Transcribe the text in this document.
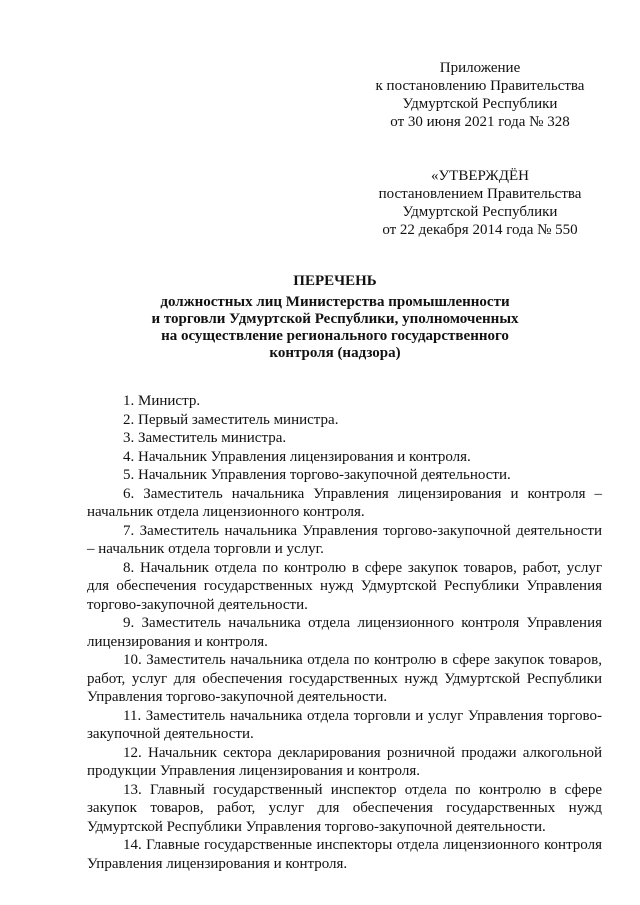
Приложение
к постановлению Правительства
Удмуртской Республики
от 30 июня 2021 года № 328
«УТВЕРЖДЁН
постановлением Правительства
Удмуртской Республики
от 22 декабря 2014 года № 550
ПЕРЕЧЕНЬ
должностных лиц Министерства промышленности
и торговли Удмуртской Республики, уполномоченных
на осуществление регионального государственного
контроля (надзора)

1. Министр.

2. Первый заместитель министра.

3. Заместитель министра.

4. Начальник Управления лицензирования и контроля.

5. Начальник Управления торгово-закупочной деятельности.

6. Заместитель начальника Управления лицензирования и контроля – начальник отдела лицензионного контроля.

7. Заместитель начальника Управления торгово-закупочной деятельности – начальник отдела торговли и услуг.

8. Начальник отдела по контролю в сфере закупок товаров, работ, услуг для обеспечения государственных нужд Удмуртской Республики Управления торгово-закупочной деятельности.

9. Заместитель начальника отдела лицензионного контроля Управления лицензирования и контроля.

10. Заместитель начальника отдела по контролю в сфере закупок товаров, работ, услуг для обеспечения государственных нужд Удмуртской Республики Управления торгово-закупочной деятельности.

11. Заместитель начальника отдела торговли и услуг Управления торгово-закупочной деятельности.

12. Начальник сектора декларирования розничной продажи алкогольной продукции Управления лицензирования и контроля.

13. Главный государственный инспектор отдела по контролю в сфере закупок товаров, работ, услуг для обеспечения государственных нужд Удмуртской Республики Управления торгово-закупочной деятельности.

14. Главные государственные инспекторы отдела лицензионного контроля Управления лицензирования и контроля.
